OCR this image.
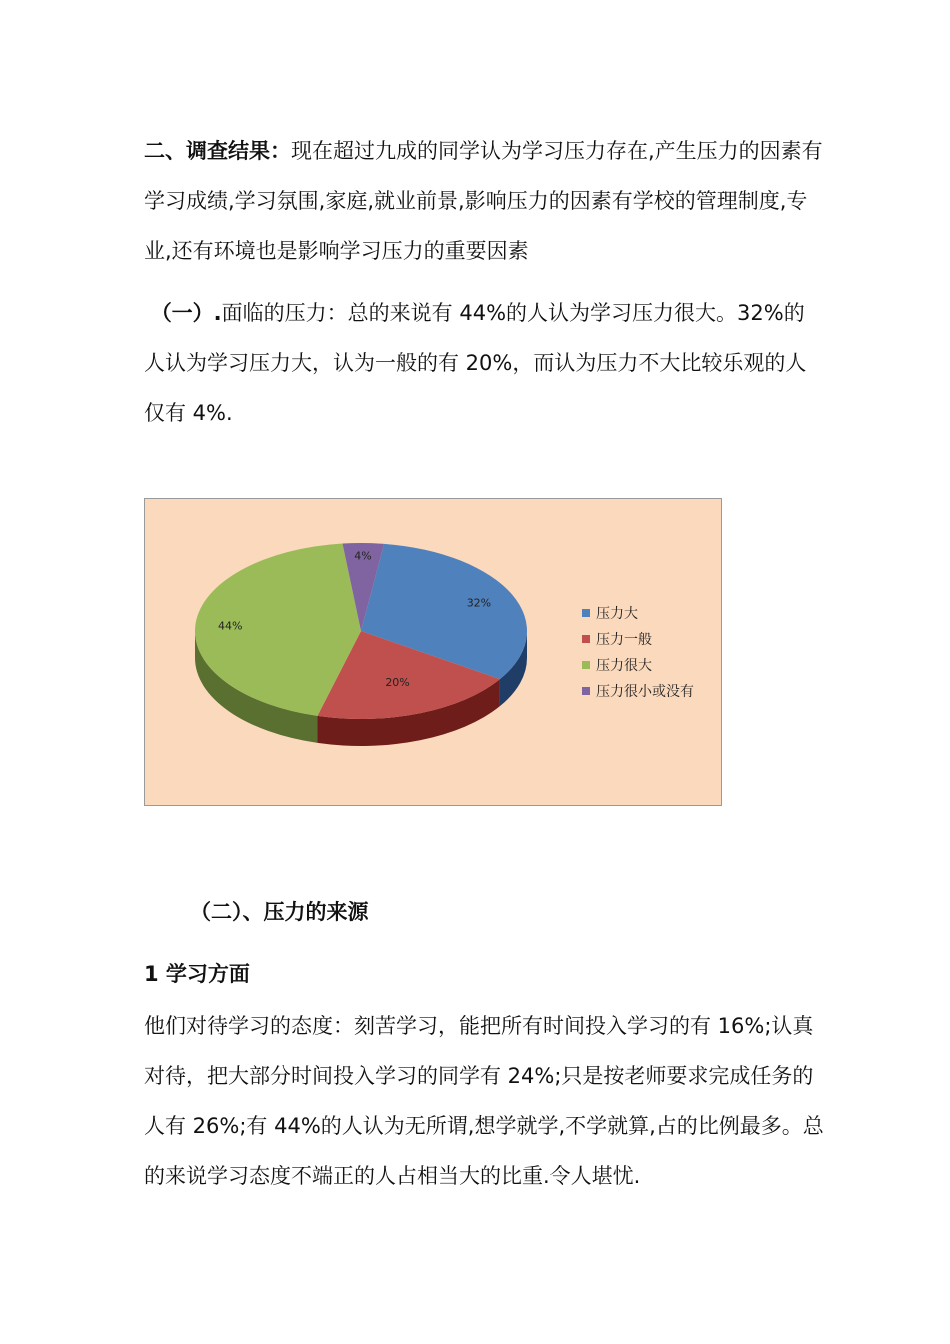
二、调查结果：现在超过九成的同学认为学习压力存在,产生压力的因素有学习成绩,学习氛围,家庭,就业前景,影响压力的因素有学校的管理制度,专业,还有环境也是影响学习压力的重要因素

（一）.面临的压力：总的来说有 44%的人认为学习压力很大。32%的人认为学习压力大，认为一般的有 20%，而认为压力不大比较乐观的人仅有 4%.

32%
20%
44%
4%
压力大
压力一般
压力很大
压力很小或没有

（二）、压力的来源

1 学习方面

他们对待学习的态度：刻苦学习，能把所有时间投入学习的有 16%;认真对待，把大部分时间投入学习的同学有 24%;只是按老师要求完成任务的人有 26%;有 44%的人认为无所谓,想学就学,不学就算,占的比例最多。总的来说学习态度不端正的人占相当大的比重.令人堪忧.
